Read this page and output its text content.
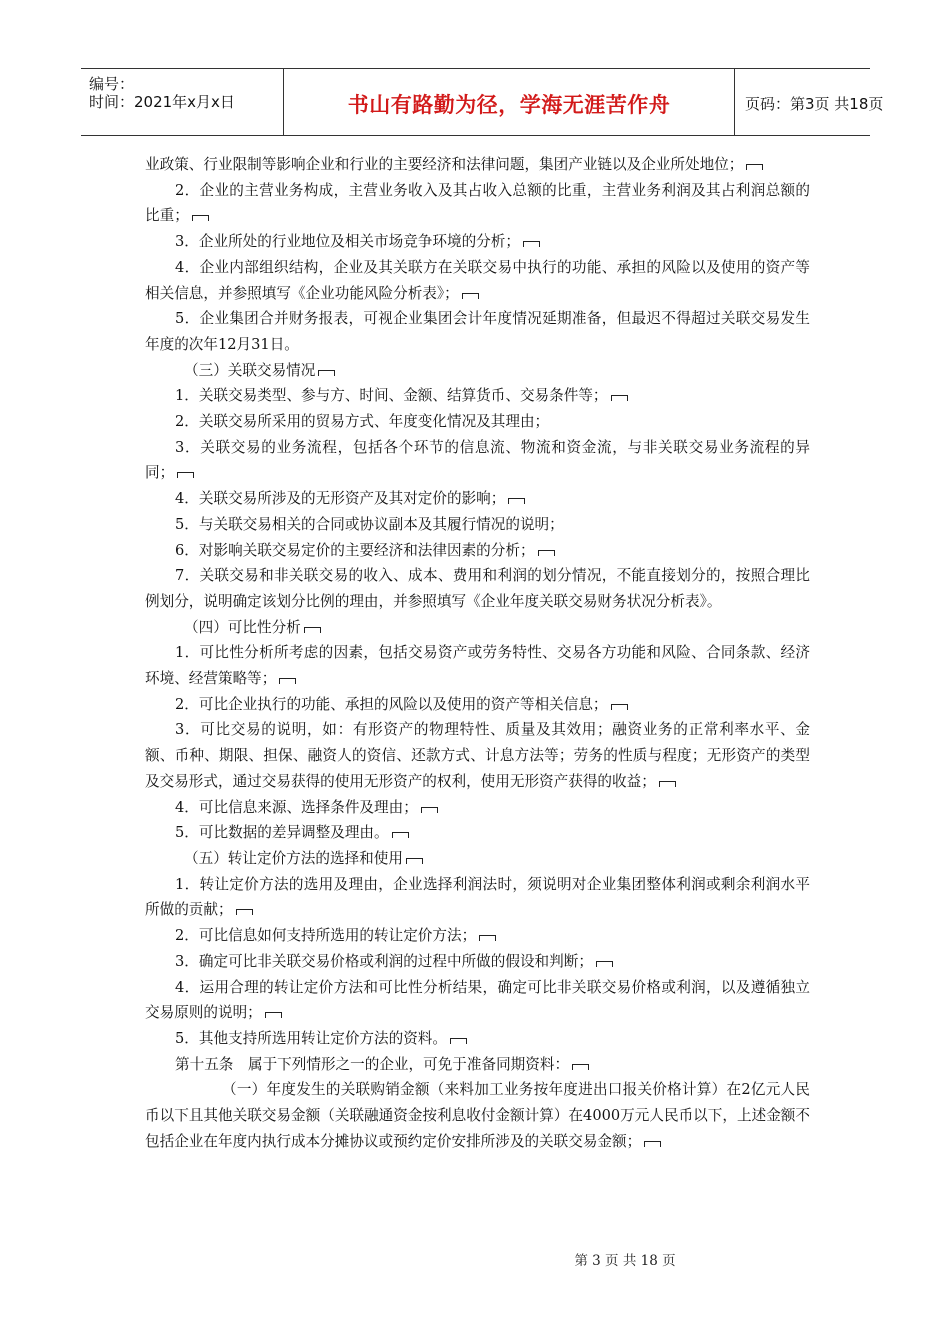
编号：
时间：2021年x月x日	书山有路勤为径，学海无涯苦作舟	页码：第3页 共18页

业政策、行业限制等影响企业和行业的主要经济和法律问题，集团产业链以及企业所处地位；

2．企业的主营业务构成，主营业务收入及其占收入总额的比重，主营业务利润及其占利润总额的比重；

3．企业所处的行业地位及相关市场竞争环境的分析；

4．企业内部组织结构，企业及其关联方在关联交易中执行的功能、承担的风险以及使用的资产等相关信息，并参照填写《企业功能风险分析表》；

5．企业集团合并财务报表，可视企业集团会计年度情况延期准备，但最迟不得超过关联交易发生年度的次年12月31日。

（三）关联交易情况

1．关联交易类型、参与方、时间、金额、结算货币、交易条件等；

2．关联交易所采用的贸易方式、年度变化情况及其理由；

3．关联交易的业务流程，包括各个环节的信息流、物流和资金流，与非关联交易业务流程的异同；

4．关联交易所涉及的无形资产及其对定价的影响；

5．与关联交易相关的合同或协议副本及其履行情况的说明；

6．对影响关联交易定价的主要经济和法律因素的分析；

7．关联交易和非关联交易的收入、成本、费用和利润的划分情况，不能直接划分的，按照合理比例划分，说明确定该划分比例的理由，并参照填写《企业年度关联交易财务状况分析表》。

（四）可比性分析

1．可比性分析所考虑的因素，包括交易资产或劳务特性、交易各方功能和风险、合同条款、经济环境、经营策略等；

2．可比企业执行的功能、承担的风险以及使用的资产等相关信息；

3．可比交易的说明，如：有形资产的物理特性、质量及其效用；融资业务的正常利率水平、金额、币种、期限、担保、融资人的资信、还款方式、计息方法等；劳务的性质与程度；无形资产的类型及交易形式，通过交易获得的使用无形资产的权利，使用无形资产获得的收益；

4．可比信息来源、选择条件及理由；

5．可比数据的差异调整及理由。

（五）转让定价方法的选择和使用

1．转让定价方法的选用及理由，企业选择利润法时，须说明对企业集团整体利润或剩余利润水平所做的贡献；

2．可比信息如何支持所选用的转让定价方法；

3．确定可比非关联交易价格或利润的过程中所做的假设和判断；

4．运用合理的转让定价方法和可比性分析结果，确定可比非关联交易价格或利润，以及遵循独立交易原则的说明；

5．其他支持所选用转让定价方法的资料。

第十五条　属于下列情形之一的企业，可免于准备同期资料：

（一）年度发生的关联购销金额（来料加工业务按年度进出口报关价格计算）在2亿元人民币以下且其他关联交易金额（关联融通资金按利息收付金额计算）在4000万元人民币以下，上述金额不包括企业在年度内执行成本分摊协议或预约定价安排所涉及的关联交易金额；

第 3 页 共 18 页
